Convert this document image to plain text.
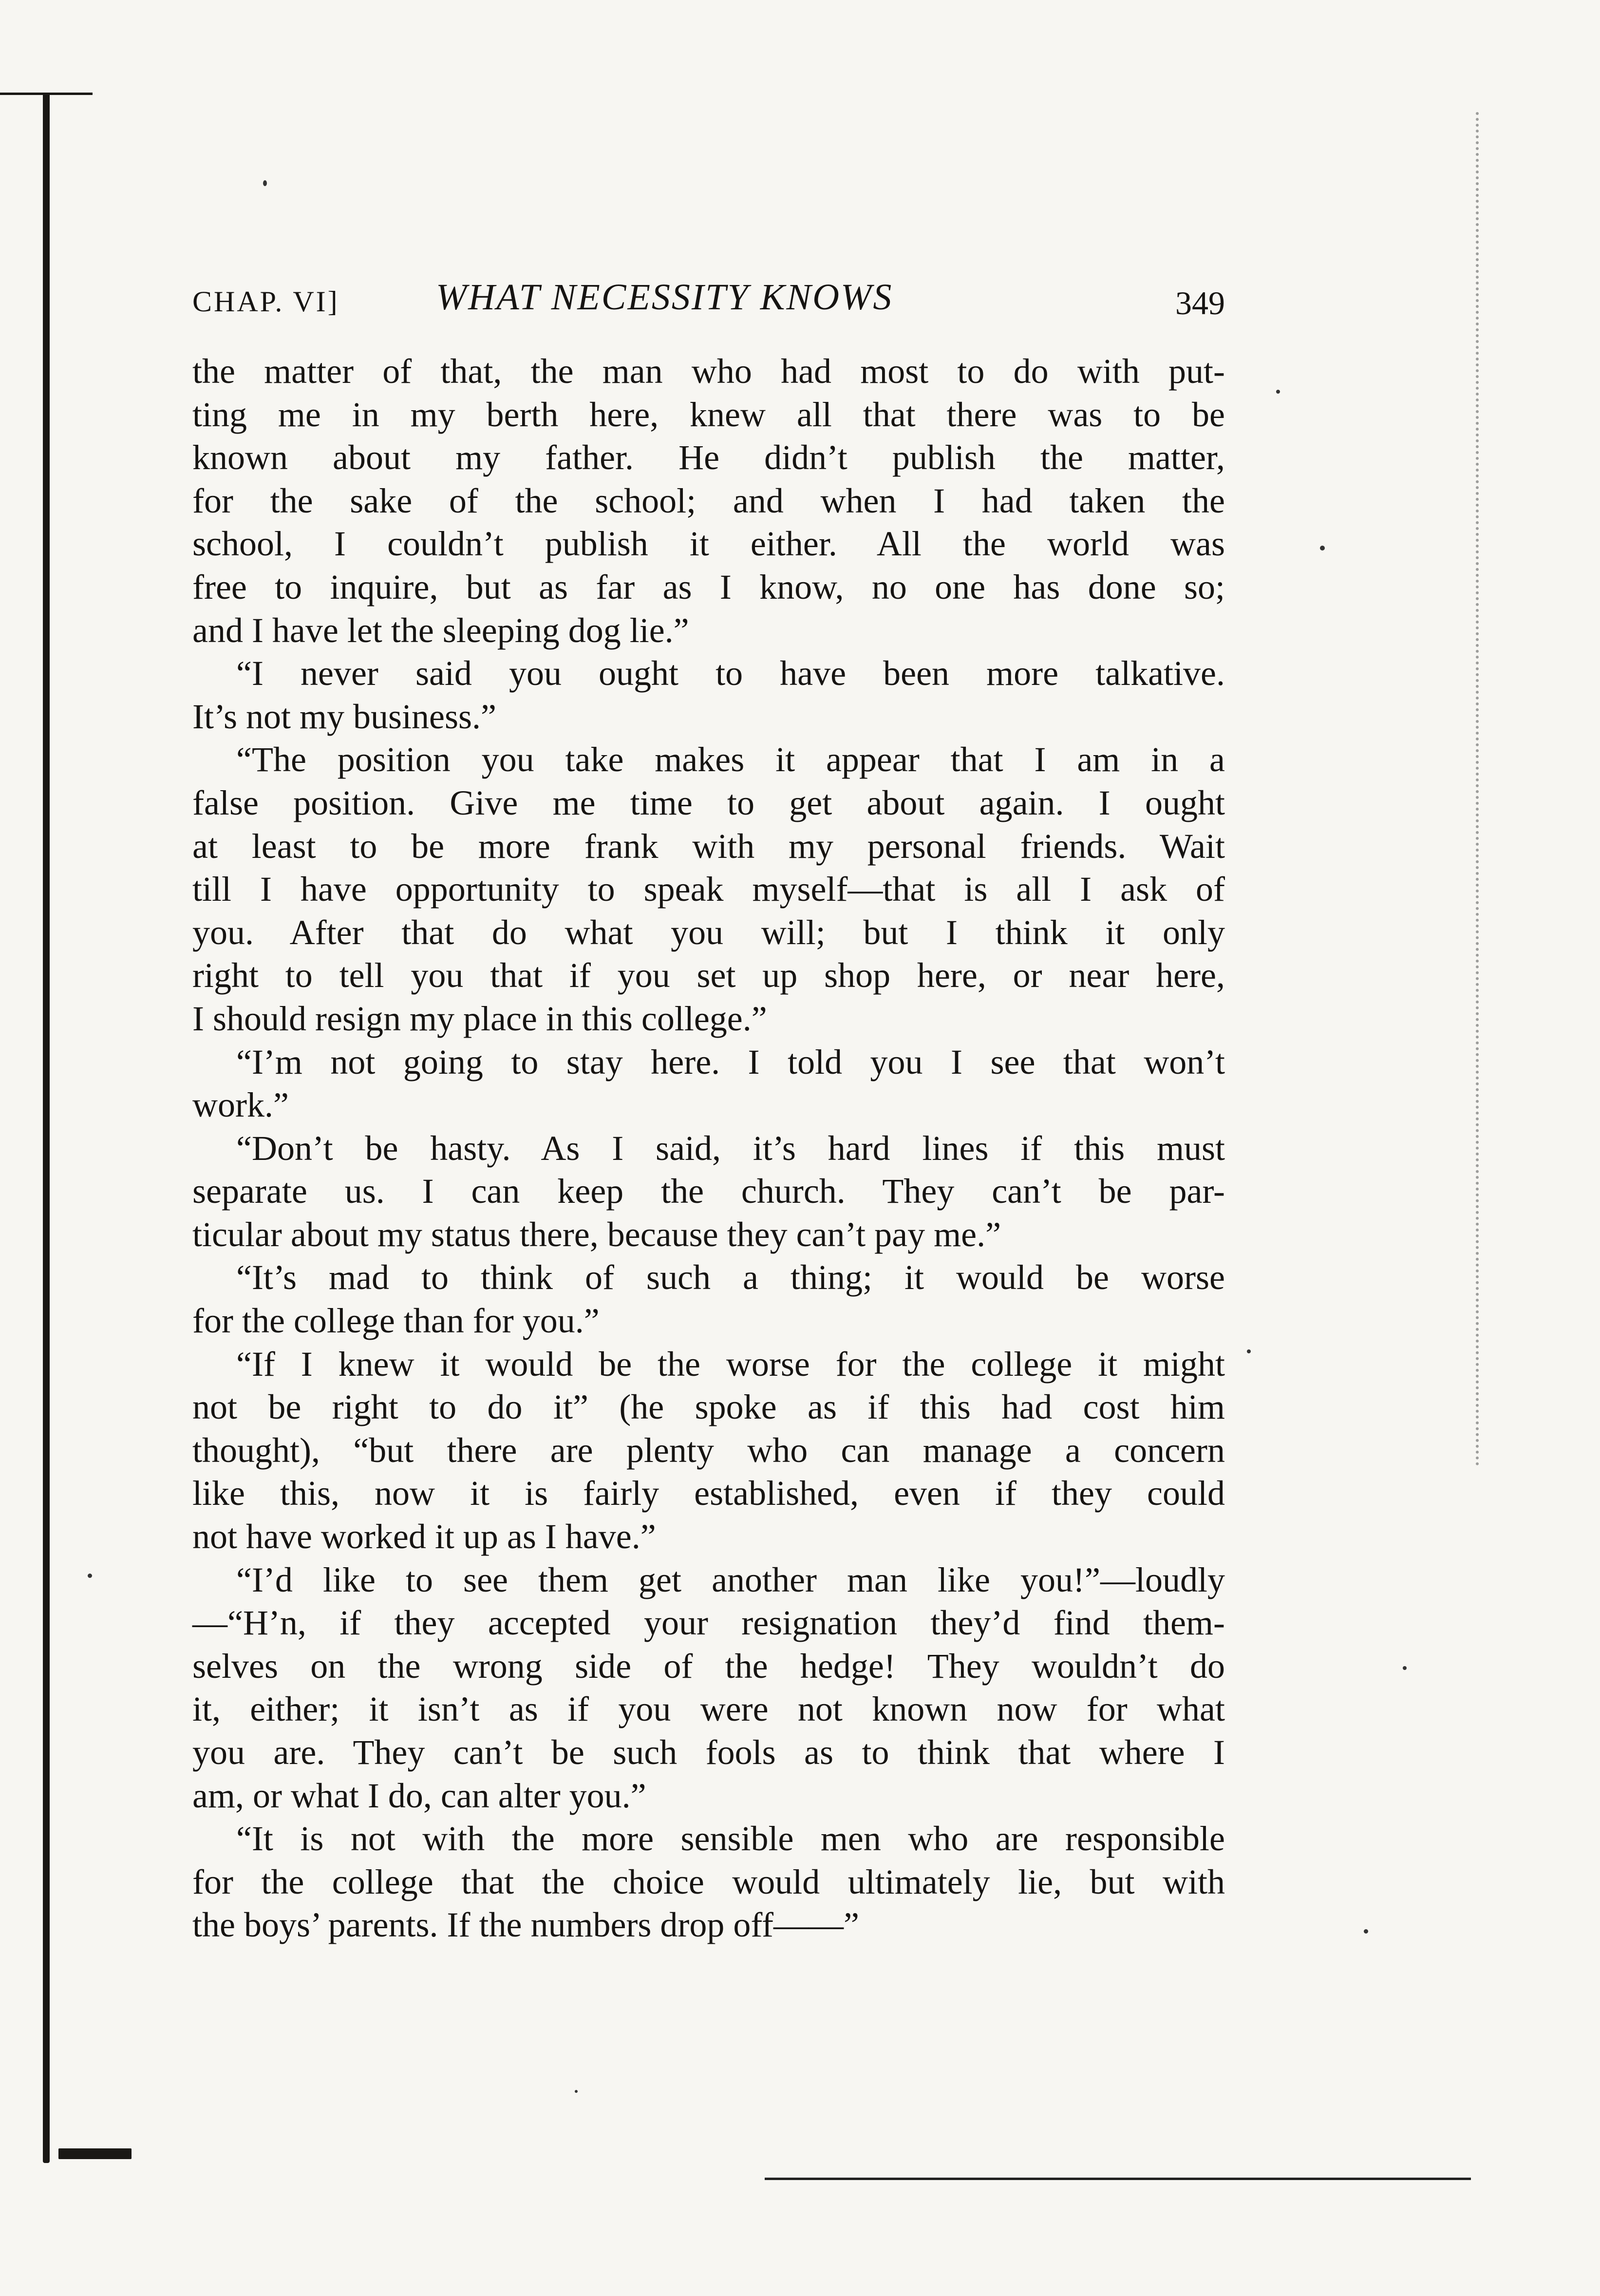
CHAP. VI]	WHAT NECESSITY KNOWS	349
the matter of that, the man who had most to do with put-
ting me in my berth here, knew all that there was to be
known about my father. He didn’t publish the matter,
for the sake of the school; and when I had taken the
school, I couldn’t publish it either. All the world was
free to inquire, but as far as I know, no one has done so;
and I have let the sleeping dog lie.”
“I never said you ought to have been more talkative.
It’s not my business.”
“The position you take makes it appear that I am in a
false position. Give me time to get about again. I ought
at least to be more frank with my personal friends. Wait
till I have opportunity to speak myself—that is all I ask of
you. After that do what you will; but I think it only
right to tell you that if you set up shop here, or near here,
I should resign my place in this college.”
“I’m not going to stay here. I told you I see that won’t
work.”
“Don’t be hasty. As I said, it’s hard lines if this must
separate us. I can keep the church. They can’t be par-
ticular about my status there, because they can’t pay me.”
“It’s mad to think of such a thing; it would be worse
for the college than for you.”
“If I knew it would be the worse for the college it might
not be right to do it” (he spoke as if this had cost him
thought), “but there are plenty who can manage a concern
like this, now it is fairly established, even if they could
not have worked it up as I have.”
“I’d like to see them get another man like you!”—loudly
—“H’n, if they accepted your resignation they’d find them-
selves on the wrong side of the hedge! They wouldn’t do
it, either; it isn’t as if you were not known now for what
you are. They can’t be such fools as to think that where I
am, or what I do, can alter you.”
“It is not with the more sensible men who are responsible
for the college that the choice would ultimately lie, but with
the boys’ parents. If the numbers drop off——”
